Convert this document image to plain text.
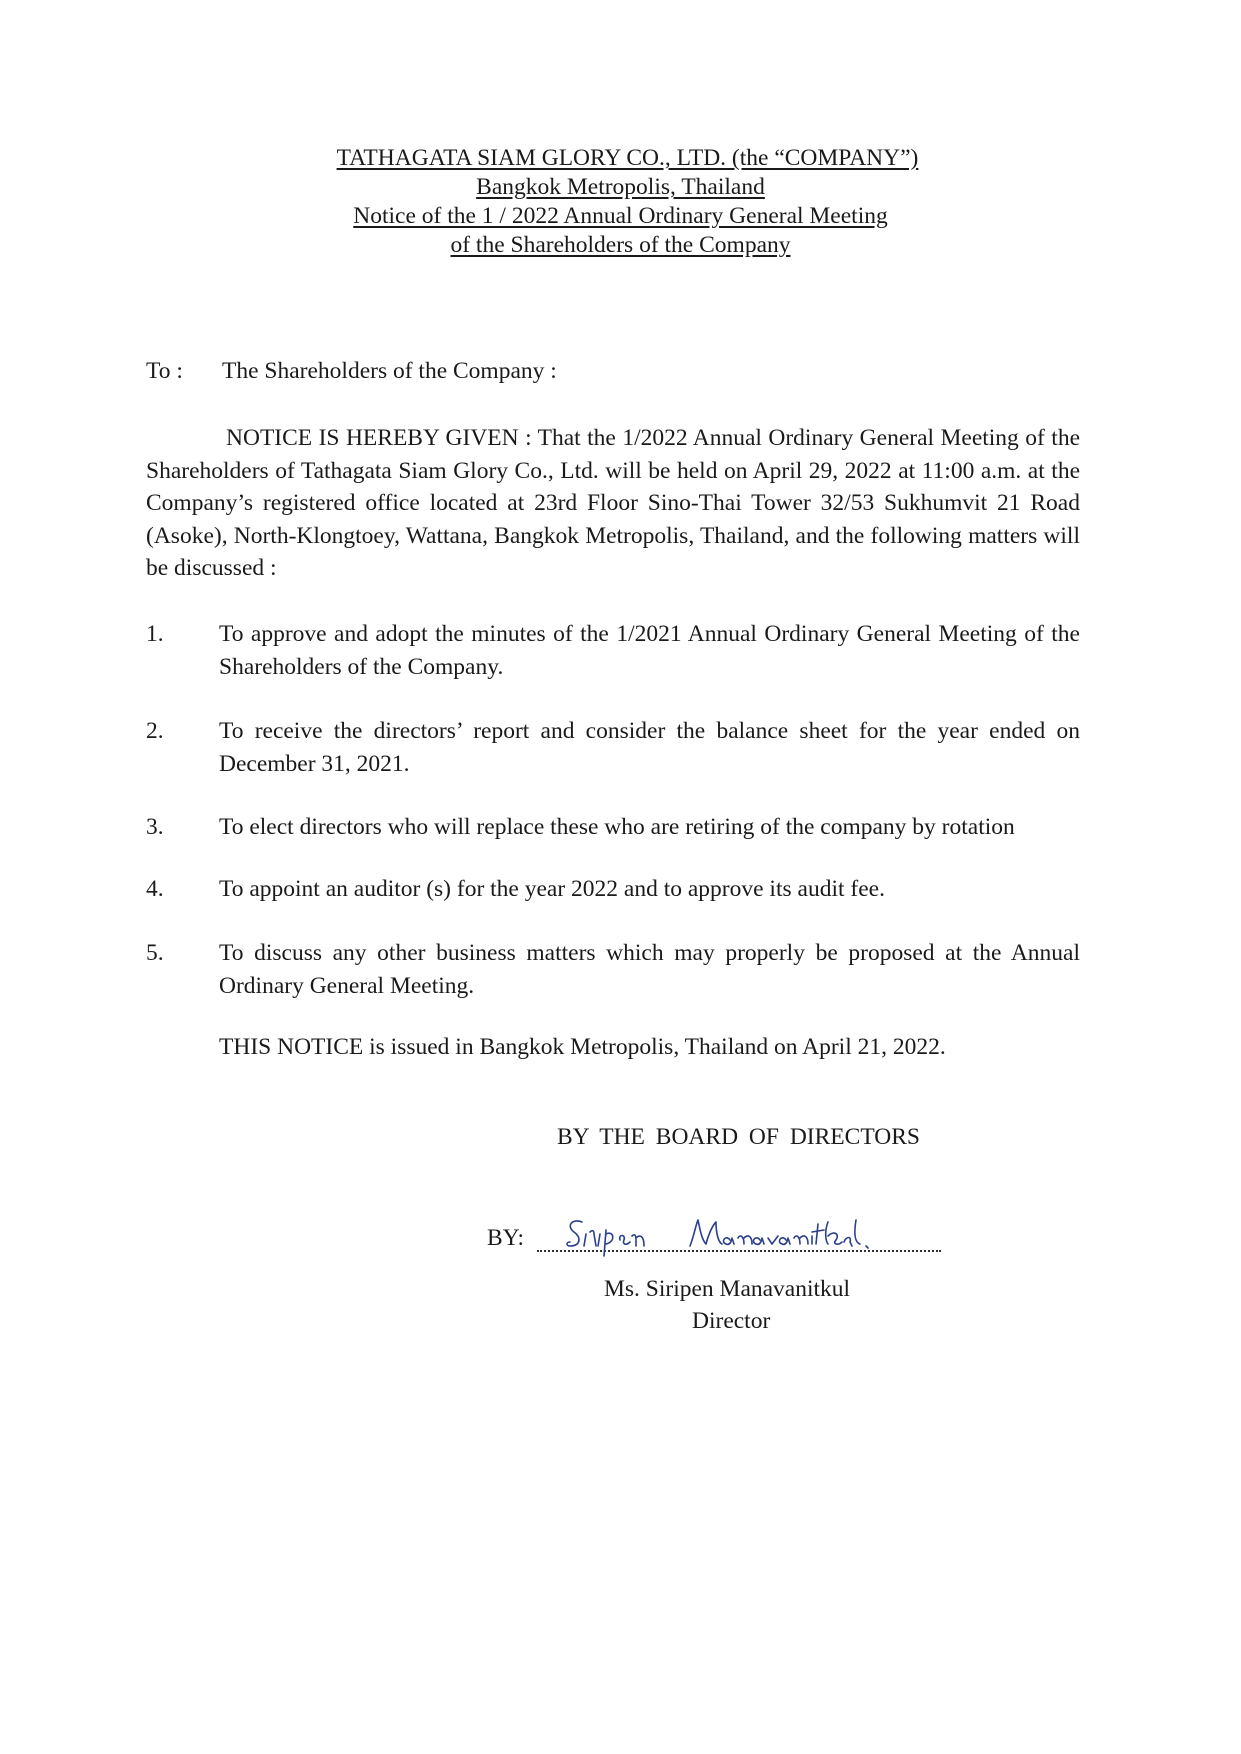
TATHAGATA SIAM GLORY CO., LTD. (the “COMPANY”)
Bangkok Metropolis, Thailand
Notice of the 1 / 2022 Annual Ordinary General Meeting
of the Shareholders of the Company
To : The Shareholders of the Company :
NOTICE IS HEREBY GIVEN : That the 1/2022 Annual Ordinary General Meeting of the Shareholders of Tathagata Siam Glory Co., Ltd. will be held on April 29, 2022 at 11:00 a.m. at the Company’s registered office located at 23rd Floor Sino-Thai Tower 32/53 Sukhumvit 21 Road (Asoke), North-Klongtoey, Wattana, Bangkok Metropolis, Thailand, and the following matters will be discussed :
1. To approve and adopt the minutes of the 1/2021 Annual Ordinary General Meeting of the Shareholders of the Company.
2. To receive the directors’ report and consider the balance sheet for the year ended on December 31, 2021.
3. To elect directors who will replace these who are retiring of the company by rotation
4. To appoint an auditor (s) for the year 2022 and to approve its audit fee.
5. To discuss any other business matters which may properly be proposed at the Annual Ordinary General Meeting.
THIS NOTICE is issued in Bangkok Metropolis, Thailand on April 21, 2022.
BY THE BOARD OF DIRECTORS
BY:
Ms. Siripen Manavanitkul
Director
